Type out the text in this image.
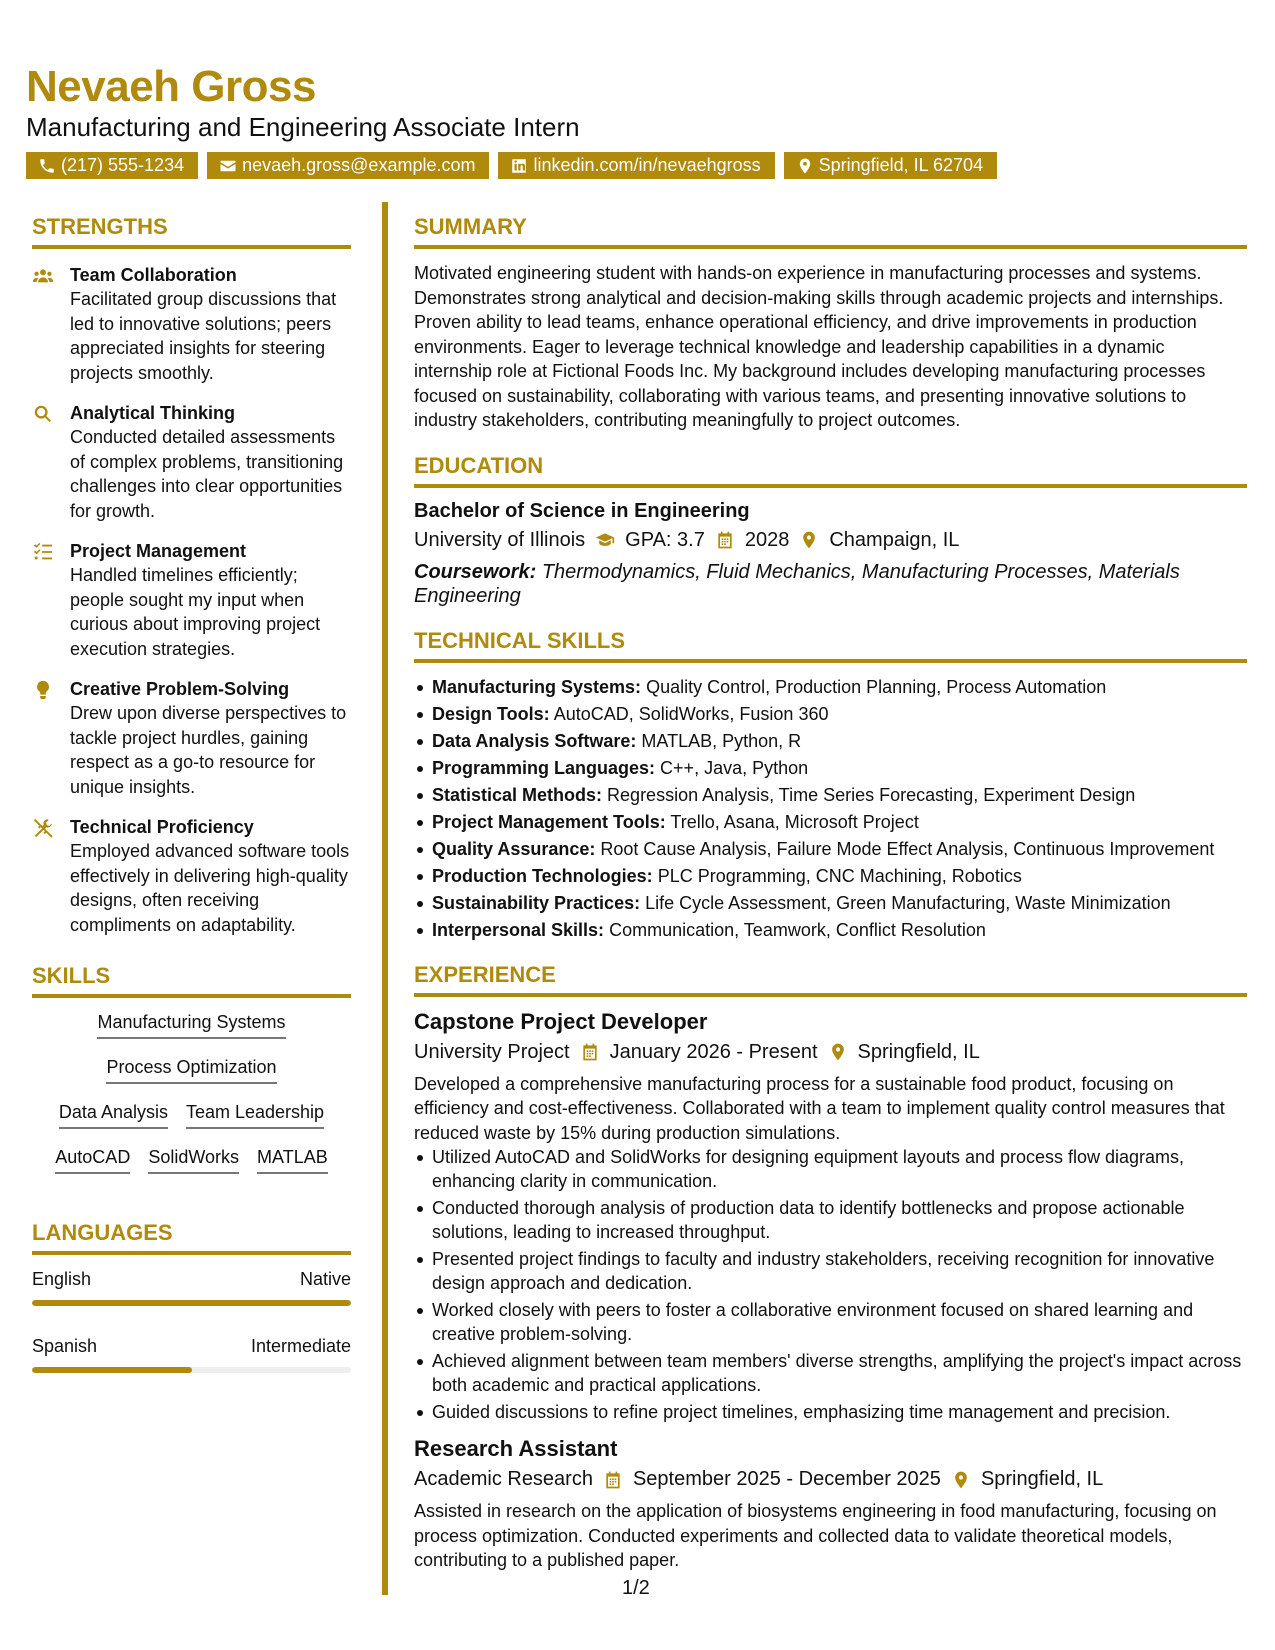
Nevaeh Gross
Manufacturing and Engineering Associate Intern
(217) 555-1234	nevaeh.gross@example.com	linkedin.com/in/nevaehgross	Springfield, IL 62704
STRENGTHS
Team Collaboration
Facilitated group discussions that led to innovative solutions; peers appreciated insights for steering projects smoothly.
Analytical Thinking
Conducted detailed assessments of complex problems, transitioning challenges into clear opportunities for growth.
Project Management
Handled timelines efficiently; people sought my input when curious about improving project execution strategies.
Creative Problem-Solving
Drew upon diverse perspectives to tackle project hurdles, gaining respect as a go-to resource for unique insights.
Technical Proficiency
Employed advanced software tools effectively in delivering high-quality designs, often receiving compliments on adaptability.
SKILLS
Manufacturing Systems
Process Optimization
Data Analysis Team Leadership
AutoCAD SolidWorks MATLAB
LANGUAGES
English	Native
Spanish	Intermediate
SUMMARY
Motivated engineering student with hands-on experience in manufacturing processes and systems. Demonstrates strong analytical and decision-making skills through academic projects and internships. Proven ability to lead teams, enhance operational efficiency, and drive improvements in production environments. Eager to leverage technical knowledge and leadership capabilities in a dynamic internship role at Fictional Foods Inc. My background includes developing manufacturing processes focused on sustainability, collaborating with various teams, and presenting innovative solutions to industry stakeholders, contributing meaningfully to project outcomes.
EDUCATION
Bachelor of Science in Engineering
University of Illinois GPA: 3.7 2028 Champaign, IL
Coursework: Thermodynamics, Fluid Mechanics, Manufacturing Processes, Materials Engineering
TECHNICAL SKILLS
Manufacturing Systems: Quality Control, Production Planning, Process Automation
Design Tools: AutoCAD, SolidWorks, Fusion 360
Data Analysis Software: MATLAB, Python, R
Programming Languages: C++, Java, Python
Statistical Methods: Regression Analysis, Time Series Forecasting, Experiment Design
Project Management Tools: Trello, Asana, Microsoft Project
Quality Assurance: Root Cause Analysis, Failure Mode Effect Analysis, Continuous Improvement
Production Technologies: PLC Programming, CNC Machining, Robotics
Sustainability Practices: Life Cycle Assessment, Green Manufacturing, Waste Minimization
Interpersonal Skills: Communication, Teamwork, Conflict Resolution
EXPERIENCE
Capstone Project Developer
University Project January 2026 - Present Springfield, IL
Developed a comprehensive manufacturing process for a sustainable food product, focusing on efficiency and cost-effectiveness. Collaborated with a team to implement quality control measures that reduced waste by 15% during production simulations.
Utilized AutoCAD and SolidWorks for designing equipment layouts and process flow diagrams, enhancing clarity in communication.
Conducted thorough analysis of production data to identify bottlenecks and propose actionable solutions, leading to increased throughput.
Presented project findings to faculty and industry stakeholders, receiving recognition for innovative design approach and dedication.
Worked closely with peers to foster a collaborative environment focused on shared learning and creative problem-solving.
Achieved alignment between team members' diverse strengths, amplifying the project's impact across both academic and practical applications.
Guided discussions to refine project timelines, emphasizing time management and precision.
Research Assistant
Academic Research September 2025 - December 2025 Springfield, IL
Assisted in research on the application of biosystems engineering in food manufacturing, focusing on process optimization. Conducted experiments and collected data to validate theoretical models, contributing to a published paper.
1/2
